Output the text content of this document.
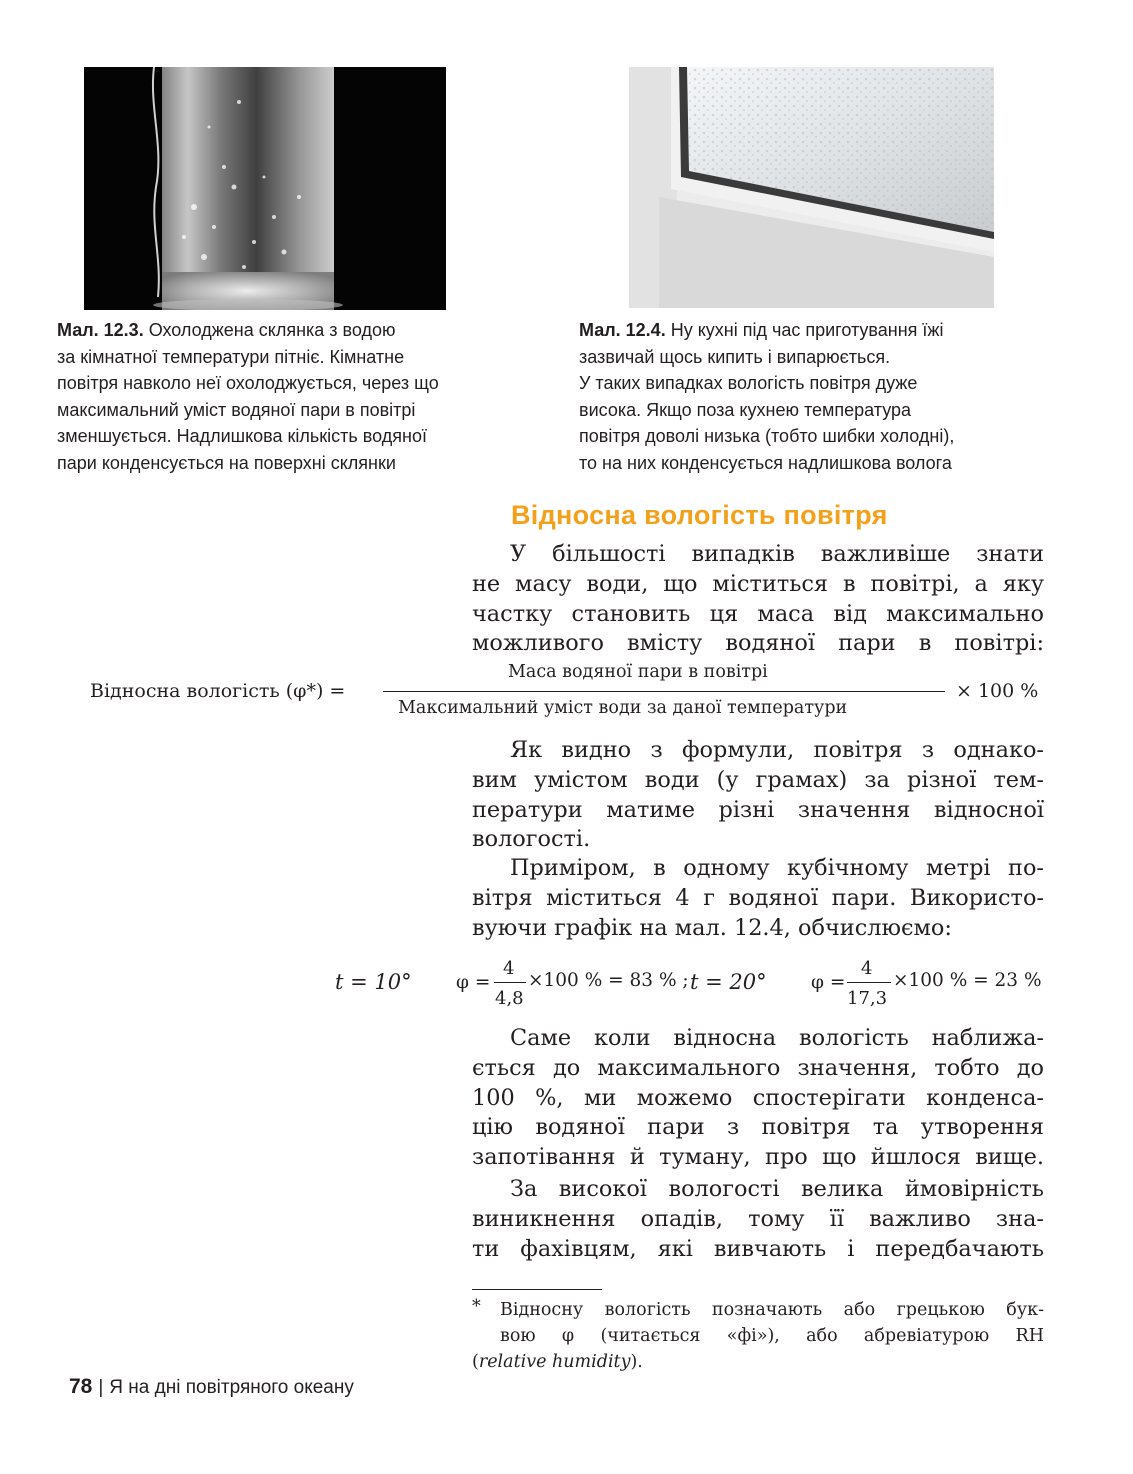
Мал. 12.3. Охолоджена склянка з водою
за кімнатної температури пітніє. Кімнатне
повітря навколо неї охолоджується, через що
максимальний уміст водяної пари в повітрі
зменшується. Надлишкова кількість водяної
пари конденсується на поверхні склянки
Мал. 12.4. Ну кухні під час приготування їжі
зазвичай щось кипить і випарюється.
У таких випадках вологість повітря дуже
висока. Якщо поза кухнею температура
повітря доволі низька (тобто шибки холодні),
то на них конденсується надлишкова волога
Відносна вологість повітря
У більшості випадків важливіше знати
не масу води, що міститься в повітрі, а яку
частку становить ця маса від максимально
можливого вмісту водяної пари в повітрі:
Відносна вологість (φ*) =
Маса водяної пари в повітрі
Максимальний уміст води за даної температури
× 100 %
Як видно з формули, повітря з однако-
вим умістом води (у грамах) за різної тем-
ператури матиме різні значення відносної
вологості.
Приміром, в одному кубічному метрі по-
вітря міститься 4 г водяної пари. Використо-
вуючи графік на мал. 12.4, обчислюємо:
t = 10° φ =
4
4,8
×100 % = 83 % ; t = 20° φ =
4
17,3
×100 % = 23 %
Саме коли відносна вологість наближа-
ється до максимального значення, тобто до
100 %, ми можемо спостерігати конденса-
цію водяної пари з повітря та утворення
запотівання й туману, про що йшлося вище.
За високої вологості велика ймовірність
виникнення опадів, тому її важливо зна-
ти фахівцям, які вивчають і передбачають
*	Відносну вологість позначають або грецькою бук-
вою φ (читається «фі»), або абревіатурою RH
(relative humidity).
78 | Я на дні повітряного океану
